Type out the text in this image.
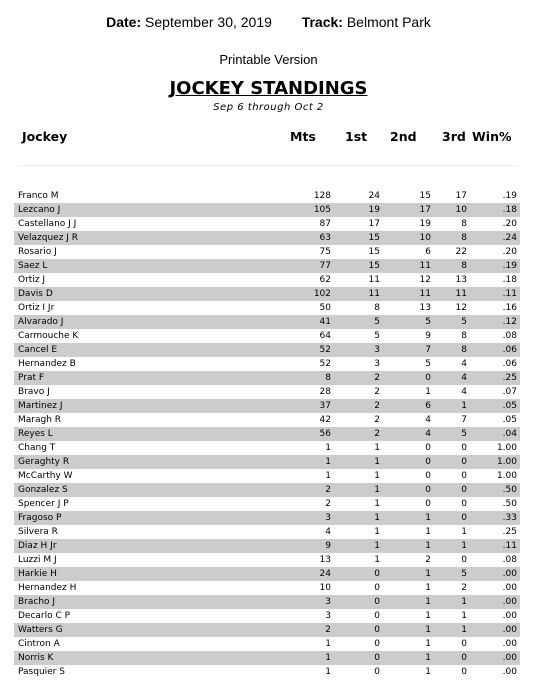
Date: September 30, 2019 Track: Belmont Park
Printable Version
JOCKEY STANDINGS
Sep 6 through Oct 2
Jockey	Mts 1st 2nd 3rd Win%
Franco M	128	24	15	17	.19
Lezcano J	105	19	17	10	.18
Castellano J J	87	17	19	8	.20
Velazquez J R	63	15	10	8	.24
Rosario J	75	15	6	22	.20
Saez L	77	15	11	8	.19
Ortiz J	62	11	12	13	.18
Davis D	102	11	11	11	.11
Ortiz I Jr	50	8	13	12	.16
Alvarado J	41	5	5	5	.12
Carmouche K	64	5	9	8	.08
Cancel E	52	3	7	8	.06
Hernandez B	52	3	5	4	.06
Prat F	8	2	0	4	.25
Bravo J	28	2	1	4	.07
Martinez J	37	2	6	1	.05
Maragh R	42	2	4	7	.05
Reyes L	56	2	4	5	.04
Chang T	1	1	0	0	1.00
Geraghty R	1	1	0	0	1.00
McCarthy W	1	1	0	0	1.00
Gonzalez S	2	1	0	0	.50
Spencer J P	2	1	0	0	.50
Fragoso P	3	1	1	0	.33
Silvera R	4	1	1	1	.25
Diaz H Jr	9	1	1	1	.11
Luzzi M J	13	1	2	0	.08
Harkie H	24	0	1	5	.00
Hernandez H	10	0	1	2	.00
Bracho J	3	0	1	1	.00
Decarlo C P	3	0	1	1	.00
Watters G	2	0	1	1	.00
Cintron A	1	0	1	0	.00
Norris K	1	0	1	0	.00
Pasquier S	1	0	1	0	.00
